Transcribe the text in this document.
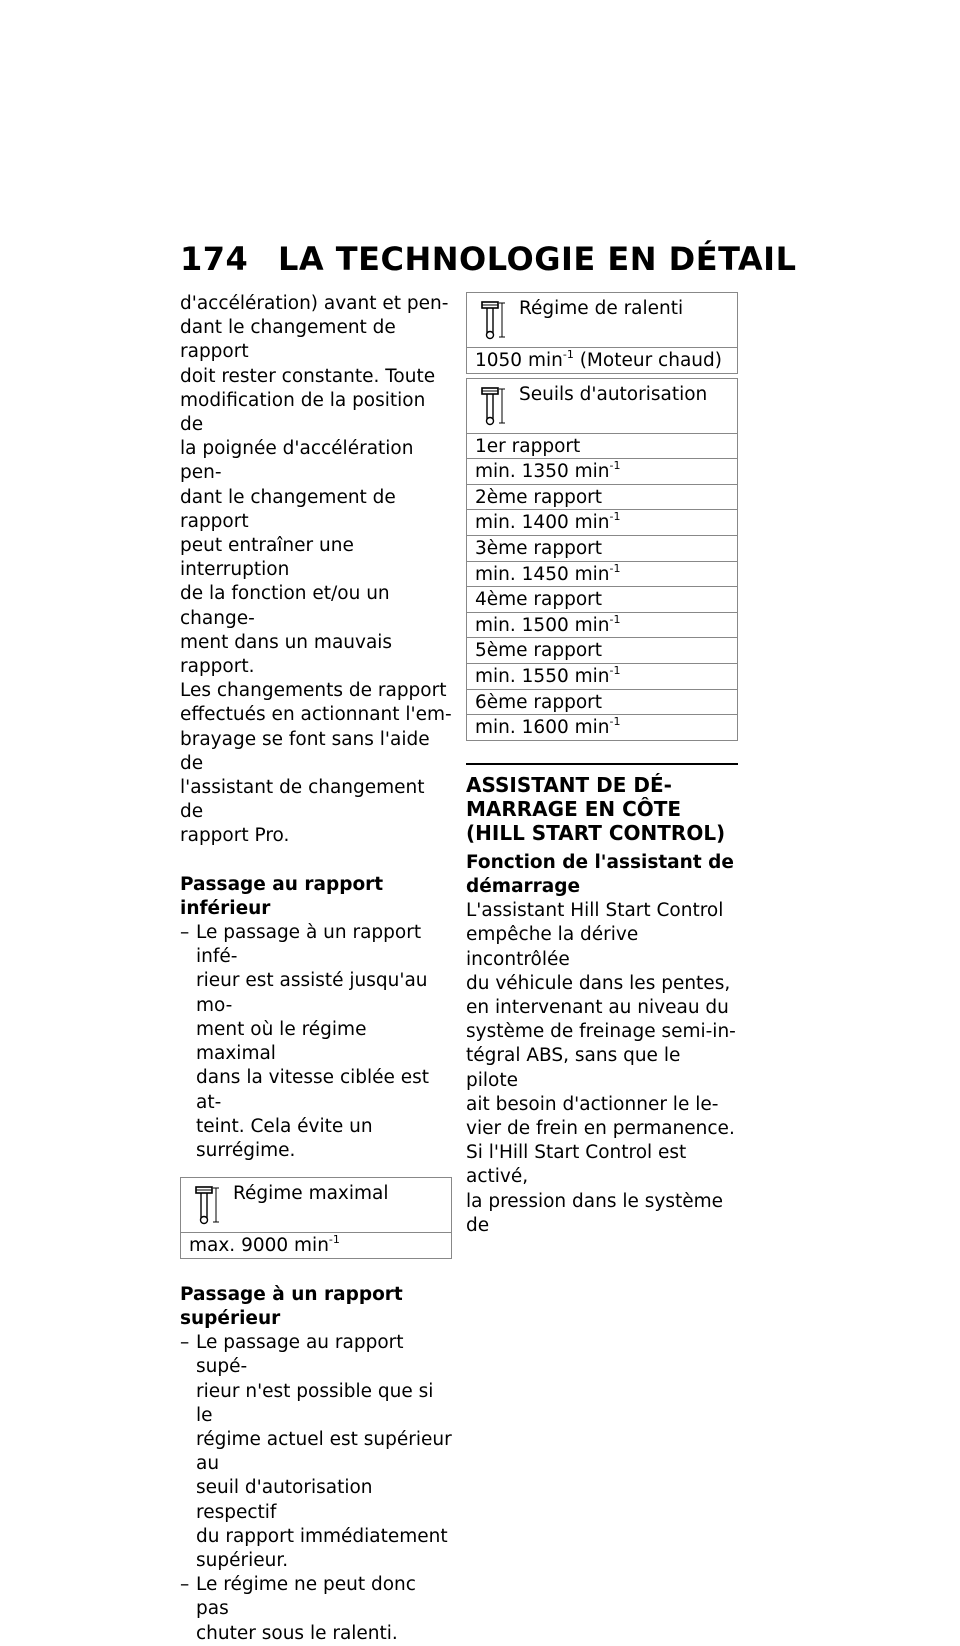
174 LA TECHNOLOGIE EN DÉTAIL

d'accélération) avant et pen-
dant le changement de rapport
doit rester constante. Toute
modification de la position de
la poignée d'accélération pen-
dant le changement de rapport
peut entraîner une interruption
de la fonction et/ou un change-
ment dans un mauvais rapport.
Les changements de rapport
effectués en actionnant l'em-
brayage se font sans l'aide de
l'assistant de changement de
rapport Pro.

Passage au rapport inférieur

– Le passage à un rapport infé-
rieur est assisté jusqu'au mo-
ment où le régime maximal
dans la vitesse ciblée est at-
teint. Cela évite un surrégime.
Régime maximal
max. 9000 $\min^{-1}$

Passage à un rapport
supérieur

– Le passage au rapport supé-
rieur n'est possible que si le
régime actuel est supérieur au
seuil d'autorisation respectif
du rapport immédiatement
supérieur.
– Le régime ne peut donc pas
chuter sous le ralenti.
Régime de ralenti
1050 $\min^{-1}$ (Moteur chaud)
Seuils d'autorisation
1er rapport
min. 1350 $\min^{-1}$
2ème rapport
min. 1400 $\min^{-1}$
3ème rapport
min. 1450 $\min^{-1}$
4ème rapport
min. 1500 $\min^{-1}$
5ème rapport
min. 1550 $\min^{-1}$
6ème rapport
min. 1600 $\min^{-1}$

ASSISTANT DE DÉ-
MARRAGE EN CÔTE
(HILL START CONTROL)

Fonction de l'assistant de
démarrage

L'assistant Hill Start Control
empêche la dérive incontrôlée
du véhicule dans les pentes,
en intervenant au niveau du
système de freinage semi-in-
tégral ABS, sans que le pilote
ait besoin d'actionner le le-
vier de frein en permanence.
Si l'Hill Start Control est activé,
la pression dans le système de
